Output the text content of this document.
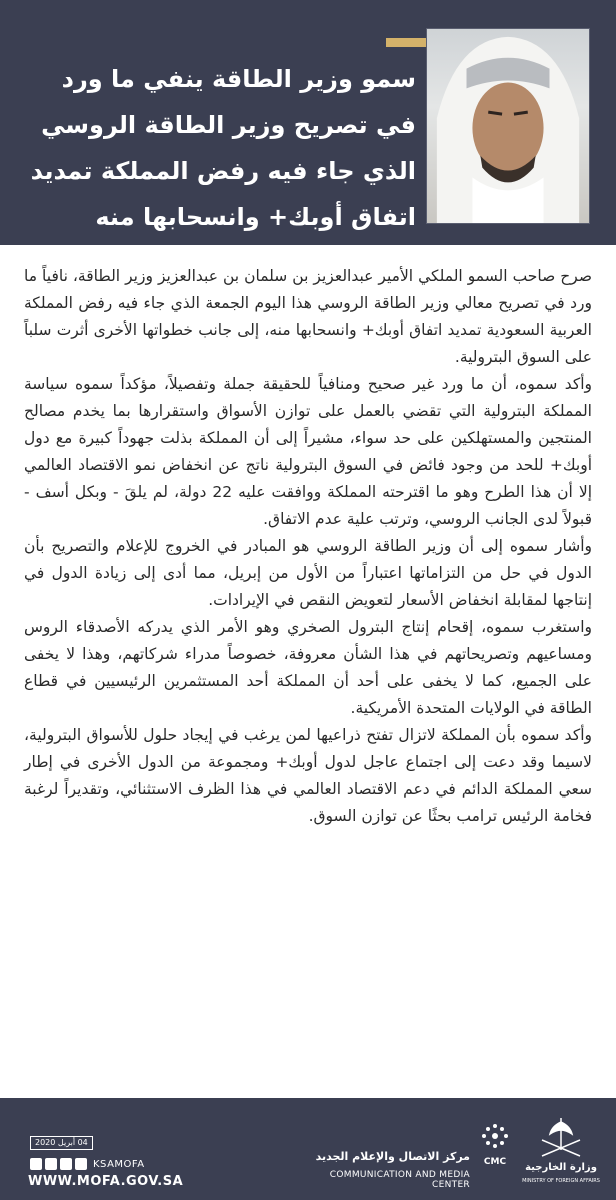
سمو وزير الطاقة ينفي ما ورد في تصريح وزير الطاقة الروسي الذي جاء فيه رفض المملكة تمديد اتفاق أوبك+ وانسحابها منه

صرح صاحب السمو الملكي الأمير عبدالعزيز بن سلمان بن عبدالعزيز وزير الطاقة، نافياً ما ورد في تصريح معالي وزير الطاقة الروسي هذا اليوم الجمعة الذي جاء فيه رفض المملكة العربية السعودية تمديد اتفاق أوبك+ وانسحابها منه، إلى جانب خطواتها الأخرى أثرت سلباً على السوق البترولية.

وأكد سموه، أن ما ورد غير صحيح ومنافياً للحقيقة جملة وتفصيلاً، مؤكداً سموه سياسة المملكة البترولية التي تقضي بالعمل على توازن الأسواق واستقرارها بما يخدم مصالح المنتجين والمستهلكين على حد سواء، مشيراً إلى أن المملكة بذلت جهوداً كبيرة مع دول أوبك+ للحد من وجود فائض في السوق البترولية ناتج عن انخفاض نمو الاقتصاد العالمي إلا أن هذا الطرح وهو ما اقترحته المملكة ووافقت عليه 22 دولة، لم يلقَ - وبكل أسف - قبولاً لدى الجانب الروسي، وترتب علية عدم الاتفاق.

وأشار سموه إلى أن وزير الطاقة الروسي هو المبادر في الخروج للإعلام والتصريح بأن الدول في حل من التزاماتها اعتباراً من الأول من إبريل، مما أدى إلى زيادة الدول في إنتاجها لمقابلة انخفاض الأسعار لتعويض النقص في الإيرادات.

واستغرب سموه، إقحام إنتاج البترول الصخري وهو الأمر الذي يدركه الأصدقاء الروس ومساعيهم وتصريحاتهم في هذا الشأن معروفة، خصوصاً مدراء شركاتهم، وهذا لا يخفى على الجميع، كما لا يخفى على أحد أن المملكة أحد المستثمرين الرئيسيين في قطاع الطاقة في الولايات المتحدة الأمريكية.

وأكد سموه بأن المملكة لاتزال تفتح ذراعيها لمن يرغب في إيجاد حلول للأسواق البترولية، لاسيما وقد دعت إلى اجتماع عاجل لدول أوبك+ ومجموعة من الدول الأخرى في إطار سعي المملكة الدائم في دعم الاقتصاد العالمي في هذا الظرف الاستثنائي، وتقديراً لرغبة فخامة الرئيس ترامب بحثًا عن توازن السوق.

04 أبريل 2020
KSAMOFA
WWW.MOFA.GOV.SA
مركز الاتصال والإعلام الجديد
COMMUNICATION AND MEDIA CENTER
CMC وزارة الخارجية
MINISTRY OF FOREIGN AFFAIRS
